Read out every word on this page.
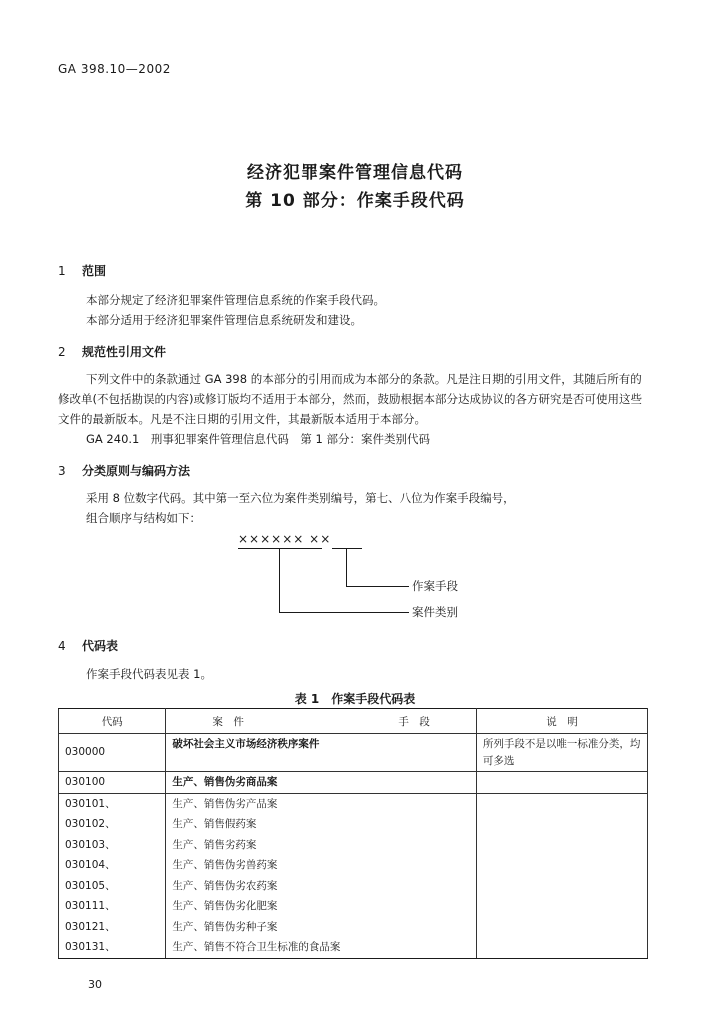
GA 398.10—2002
经济犯罪案件管理信息代码
第 10 部分：作案手段代码
1 范围
本部分规定了经济犯罪案件管理信息系统的作案手段代码。
本部分适用于经济犯罪案件管理信息系统研发和建设。
2 规范性引用文件
下列文件中的条款通过 GA 398 的本部分的引用而成为本部分的条款。凡是注日期的引用文件，其随后所有的修改单(不包括勘误的内容)或修订版均不适用于本部分，然而，鼓励根据本部分达成协议的各方研究是否可使用这些文件的最新版本。凡是不注日期的引用文件，其最新版本适用于本部分。
GA 240.1　刑事犯罪案件管理信息代码　第 1 部分：案件类别代码
3 分类原则与编码方法
采用 8 位数字代码。其中第一至六位为案件类别编号，第七、八位为作案手段编号，
组合顺序与结构如下：
×××××× ××
作案手段
案件类别
4 代码表
作案手段代码表见表 1。
表 1 作案手段代码表
代码	案　件 手　段	说　明
030000	破坏社会主义市场经济秩序案件	所列手段不是以唯一标准分类，均可多选
030100	生产、销售伪劣商品案	
030101、	生产、销售伪劣产品案	
030102、	生产、销售假药案	
030103、	生产、销售劣药案	
030104、	生产、销售伪劣兽药案	
030105、	生产、销售伪劣农药案	
030111、	生产、销售伪劣化肥案	
030121、	生产、销售伪劣种子案	
030131、	生产、销售不符合卫生标准的食品案	
30
